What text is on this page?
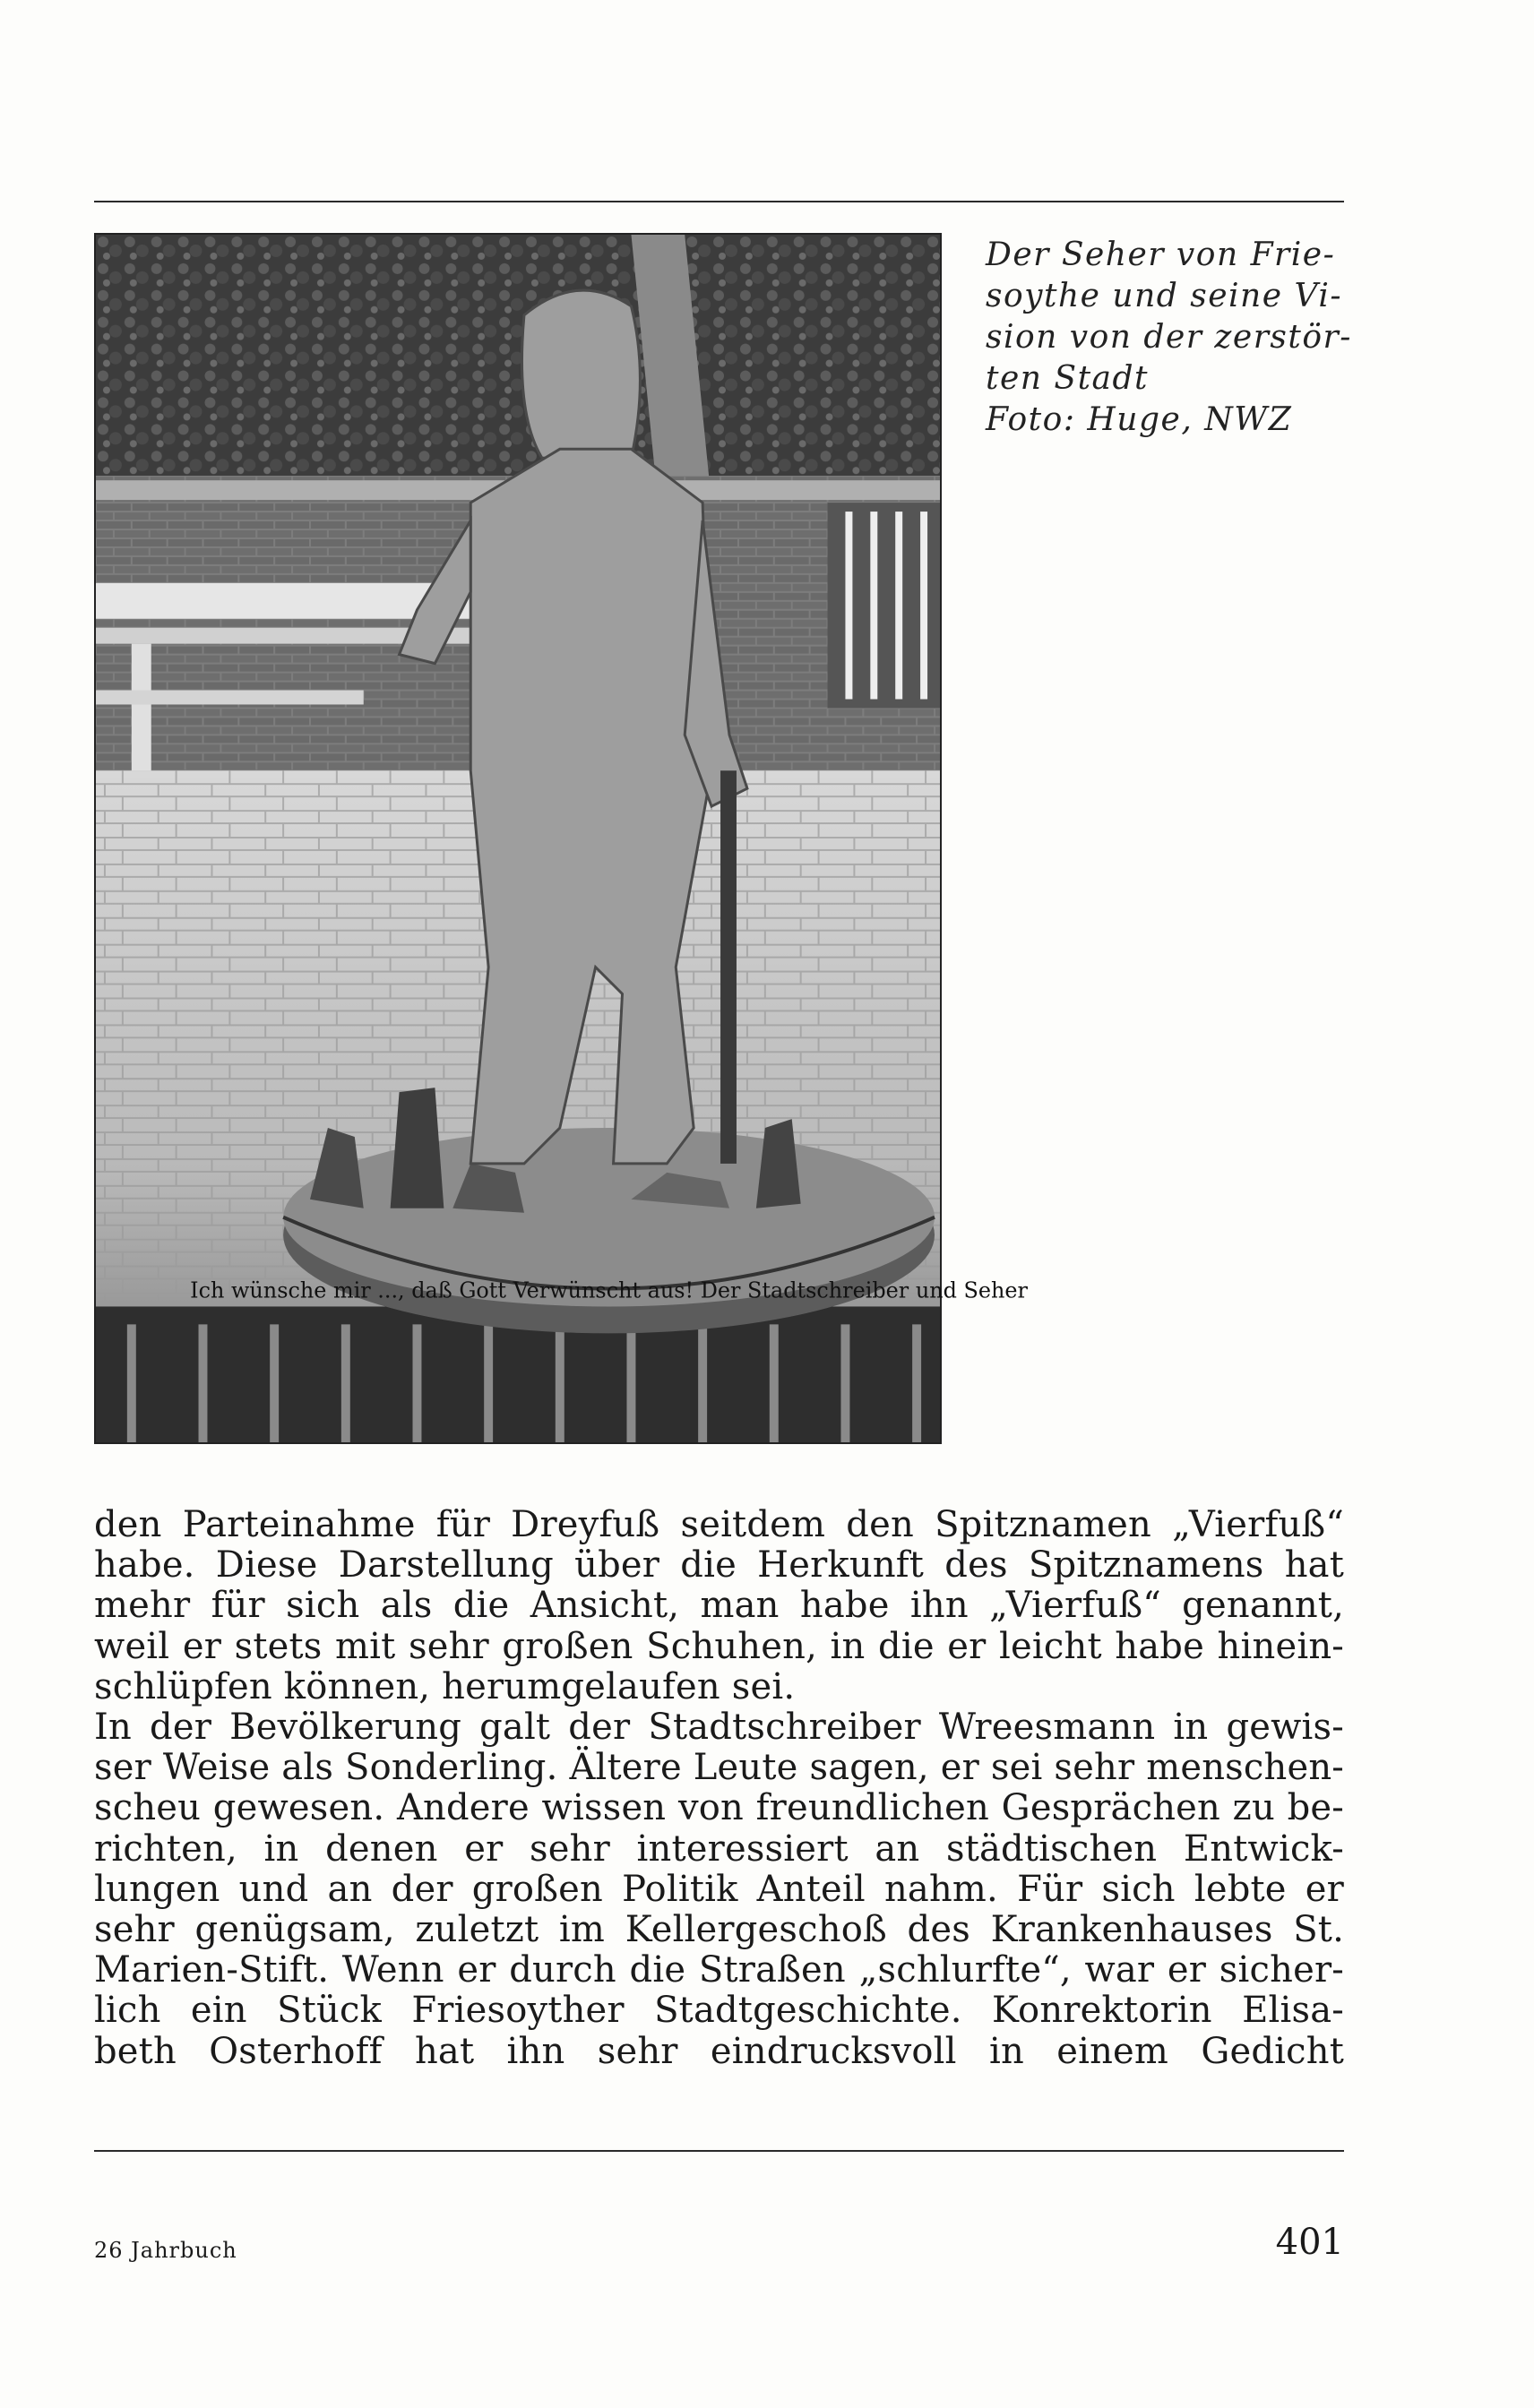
Ich wünsche mir ..., daß Gott Verwünscht aus! Der Stadtschreiber und Seher
Der Seher von Frie-
soythe und seine Vi-
sion von der zerstör-
ten Stadt
Foto: Huge, NWZ
den Parteinahme für Dreyfuß seitdem den Spitznamen „Vierfuß“
habe. Diese Darstellung über die Herkunft des Spitznamens hat
mehr für sich als die Ansicht, man habe ihn „Vierfuß“ genannt,
weil er stets mit sehr großen Schuhen, in die er leicht habe hinein-
schlüpfen können, herumgelaufen sei.
In der Bevölkerung galt der Stadtschreiber Wreesmann in gewis-
ser Weise als Sonderling. Ältere Leute sagen, er sei sehr menschen-
scheu gewesen. Andere wissen von freundlichen Gesprächen zu be-
richten, in denen er sehr interessiert an städtischen Entwick-
lungen und an der großen Politik Anteil nahm. Für sich lebte er
sehr genügsam, zuletzt im Kellergeschoß des Krankenhauses St.
Marien-Stift. Wenn er durch die Straßen „schlurfte“, war er sicher-
lich ein Stück Friesoyther Stadtgeschichte. Konrektorin Elisa-
beth Osterhoff hat ihn sehr eindrucksvoll in einem Gedicht
26 Jahrbuch	401
